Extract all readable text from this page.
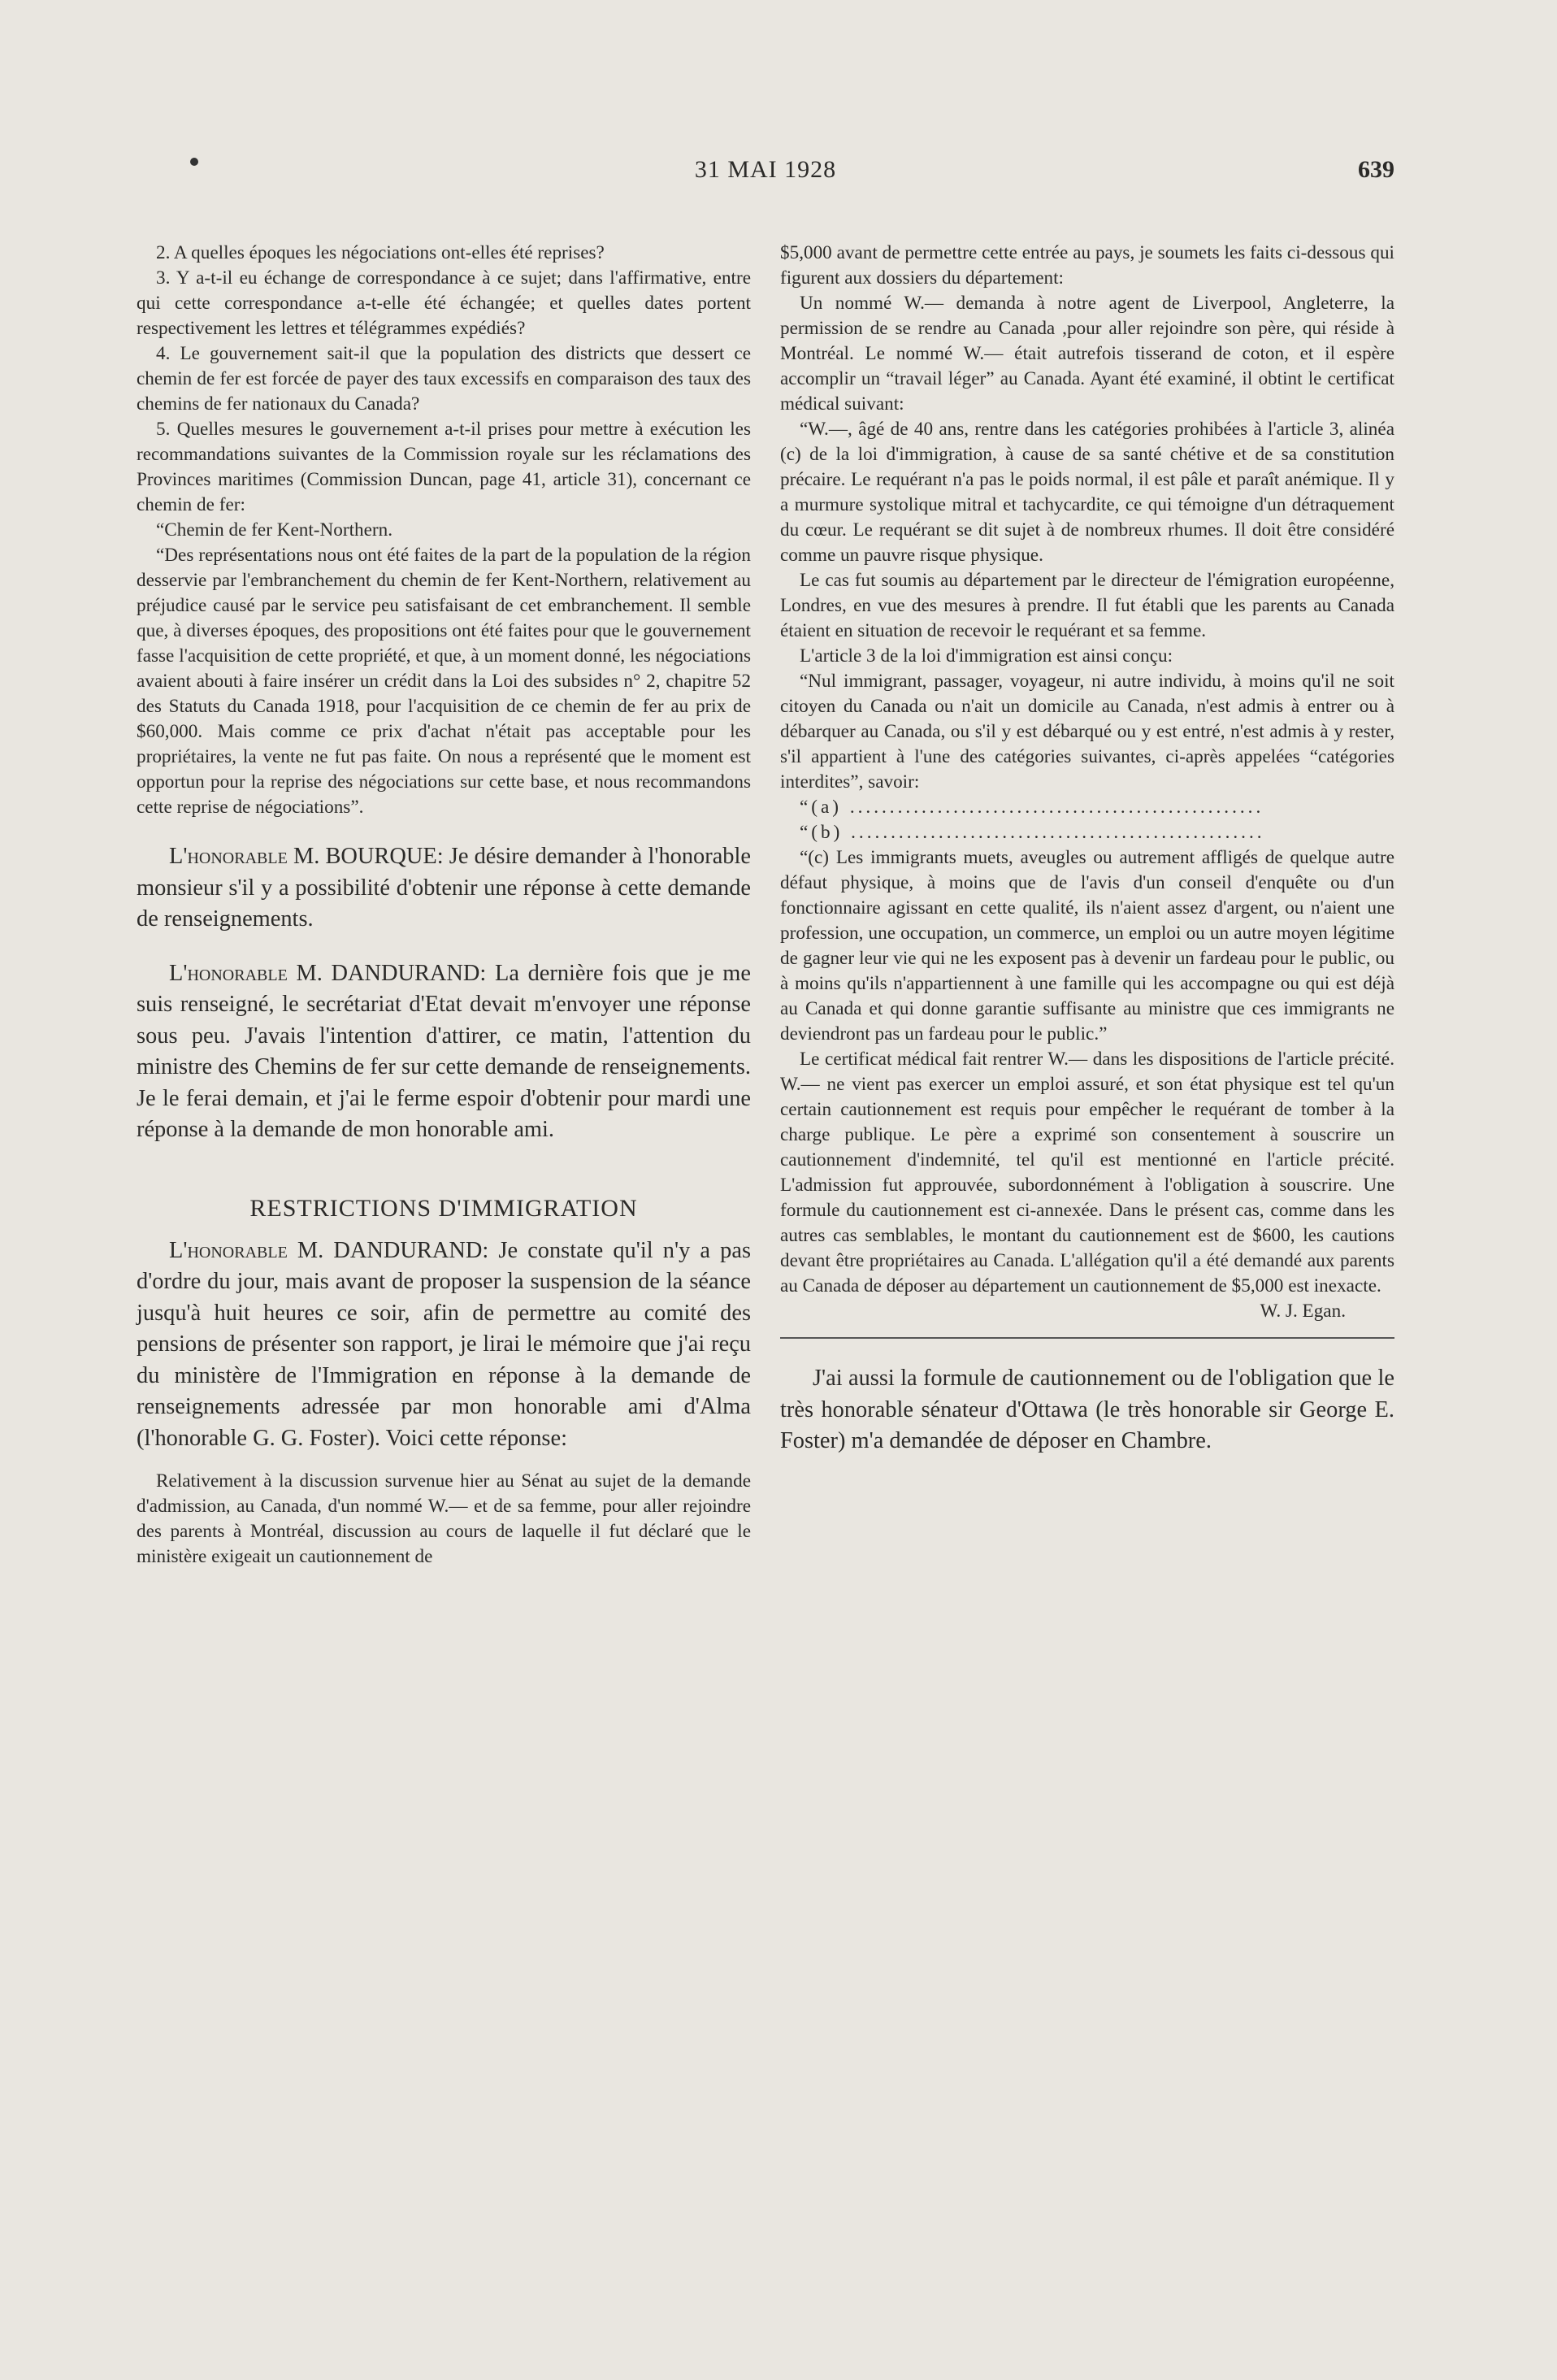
31 MAI 1928	639

2. A quelles époques les négociations ont-elles été reprises?

3. Y a-t-il eu échange de correspondance à ce sujet; dans l'affirmative, entre qui cette correspondance a-t-elle été échangée; et quelles dates portent respectivement les lettres et télégrammes expédiés?

4. Le gouvernement sait-il que la population des districts que dessert ce chemin de fer est forcée de payer des taux excessifs en comparaison des taux des chemins de fer nationaux du Canada?

5. Quelles mesures le gouvernement a-t-il prises pour mettre à exécution les recommandations suivantes de la Commission royale sur les réclamations des Provinces maritimes (Commission Duncan, page 41, article 31), concernant ce chemin de fer:

“Chemin de fer Kent-Northern.

“Des représentations nous ont été faites de la part de la population de la région desservie par l'embranchement du chemin de fer Kent-Northern, relativement au préjudice causé par le service peu satisfaisant de cet embranchement. Il semble que, à diverses époques, des propositions ont été faites pour que le gouvernement fasse l'acquisition de cette propriété, et que, à un moment donné, les négociations avaient abouti à faire insérer un crédit dans la Loi des subsides n° 2, chapitre 52 des Statuts du Canada 1918, pour l'acquisition de ce chemin de fer au prix de $60,000. Mais comme ce prix d'achat n'était pas acceptable pour les propriétaires, la vente ne fut pas faite. On nous a représenté que le moment est opportun pour la reprise des négociations sur cette base, et nous recommandons cette reprise de négociations”.

L'honorable M. BOURQUE: Je désire demander à l'honorable monsieur s'il y a possibilité d'obtenir une réponse à cette demande de renseignements.

L'honorable M. DANDURAND: La dernière fois que je me suis renseigné, le secrétariat d'Etat devait m'envoyer une réponse sous peu. J'avais l'intention d'attirer, ce matin, l'attention du ministre des Chemins de fer sur cette demande de renseignements. Je le ferai demain, et j'ai le ferme espoir d'obtenir pour mardi une réponse à la demande de mon honorable ami.

RESTRICTIONS D'IMMIGRATION

L'honorable M. DANDURAND: Je constate qu'il n'y a pas d'ordre du jour, mais avant de proposer la suspension de la séance jusqu'à huit heures ce soir, afin de permettre au comité des pensions de présenter son rapport, je lirai le mémoire que j'ai reçu du ministère de l'Immigration en réponse à la demande de renseignements adressée par mon honorable ami d'Alma (l'honorable G. G. Foster). Voici cette réponse:

Relativement à la discussion survenue hier au Sénat au sujet de la demande d'admission, au Canada, d'un nommé W.— et de sa femme, pour aller rejoindre des parents à Montréal, discussion au cours de laquelle il fut déclaré que le ministère exigeait un cautionnement de

$5,000 avant de permettre cette entrée au pays, je soumets les faits ci-dessous qui figurent aux dossiers du département:

Un nommé W.— demanda à notre agent de Liverpool, Angleterre, la permission de se rendre au Canada ,pour aller rejoindre son père, qui réside à Montréal. Le nommé W.— était autrefois tisserand de coton, et il espère accomplir un “travail léger” au Canada. Ayant été examiné, il obtint le certificat médical suivant:

“W.—, âgé de 40 ans, rentre dans les catégories prohibées à l'article 3, alinéa (c) de la loi d'immigration, à cause de sa santé chétive et de sa constitution précaire. Le requérant n'a pas le poids normal, il est pâle et paraît anémique. Il y a murmure systolique mitral et tachycardite, ce qui témoigne d'un détraquement du cœur. Le requérant se dit sujet à de nombreux rhumes. Il doit être considéré comme un pauvre risque physique.

Le cas fut soumis au département par le directeur de l'émigration européenne, Londres, en vue des mesures à prendre. Il fut établi que les parents au Canada étaient en situation de recevoir le requérant et sa femme.

L'article 3 de la loi d'immigration est ainsi conçu:

“Nul immigrant, passager, voyageur, ni autre individu, à moins qu'il ne soit citoyen du Canada ou n'ait un domicile au Canada, n'est admis à entrer ou à débarquer au Canada, ou s'il y est débarqué ou y est entré, n'est admis à y rester, s'il appartient à l'une des catégories suivantes, ci-après appelées “catégories interdites”, savoir:

“(a) ....................................................

“(b) ....................................................

“(c) Les immigrants muets, aveugles ou autrement affligés de quelque autre défaut physique, à moins que de l'avis d'un conseil d'enquête ou d'un fonctionnaire agissant en cette qualité, ils n'aient assez d'argent, ou n'aient une profession, une occupation, un commerce, un emploi ou un autre moyen légitime de gagner leur vie qui ne les exposent pas à devenir un fardeau pour le public, ou à moins qu'ils n'appartiennent à une famille qui les accompagne ou qui est déjà au Canada et qui donne garantie suffisante au ministre que ces immigrants ne deviendront pas un fardeau pour le public.”

Le certificat médical fait rentrer W.— dans les dispositions de l'article précité. W.— ne vient pas exercer un emploi assuré, et son état physique est tel qu'un certain cautionnement est requis pour empêcher le requérant de tomber à la charge publique. Le père a exprimé son consentement à souscrire un cautionnement d'indemnité, tel qu'il est mentionné en l'article précité. L'admission fut approuvée, subordonnément à l'obligation à souscrire. Une formule du cautionnement est ci-annexée. Dans le présent cas, comme dans les autres cas semblables, le montant du cautionnement est de $600, les cautions devant être propriétaires au Canada. L'allégation qu'il a été demandé aux parents au Canada de déposer au département un cautionnement de $5,000 est inexacte.

W. J. Egan.

J'ai aussi la formule de cautionnement ou de l'obligation que le très honorable sénateur d'Ottawa (le très honorable sir George E. Foster) m'a demandée de déposer en Chambre.
